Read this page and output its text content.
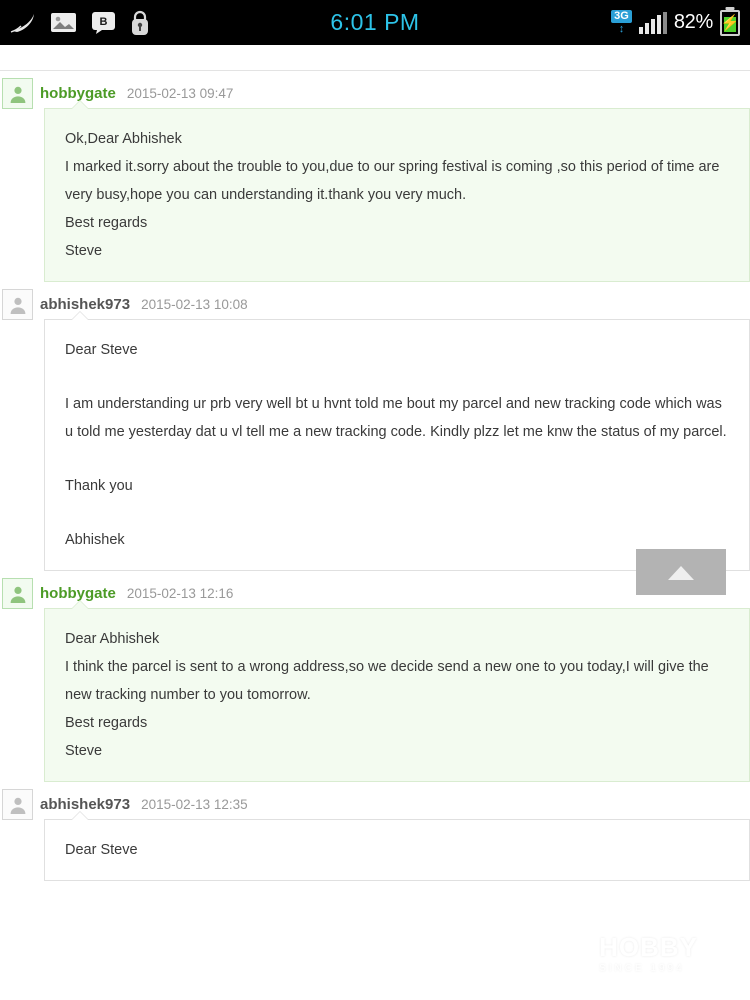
B	6:01 PM	3G
↕ 82% ⚡
hobbygate 2015-02-13 09:47

Ok,Dear Abhishek

I marked it.sorry about the trouble to you,due to our spring festival is coming ,so this period of time are very busy,hope you can understanding it.thank you very much.

Best regards

Steve

abhishek973 2015-02-13 10:08

Dear Steve

I am understanding ur prb very well bt u hvnt told me bout my parcel and new tracking code which was u told me yesterday dat u vl tell me a new tracking code. Kindly plzz let me knw the status of my parcel.

Thank you

Abhishek

hobbygate 2015-02-13 12:16

Dear Abhishek

I think the parcel is sent to a wrong address,so we decide send a new one to you today,I will give the new tracking number to you tomorrow.

Best regards

Steve

abhishek973 2015-02-13 12:35

Dear Steve

HOBBY
SINCE 1994
